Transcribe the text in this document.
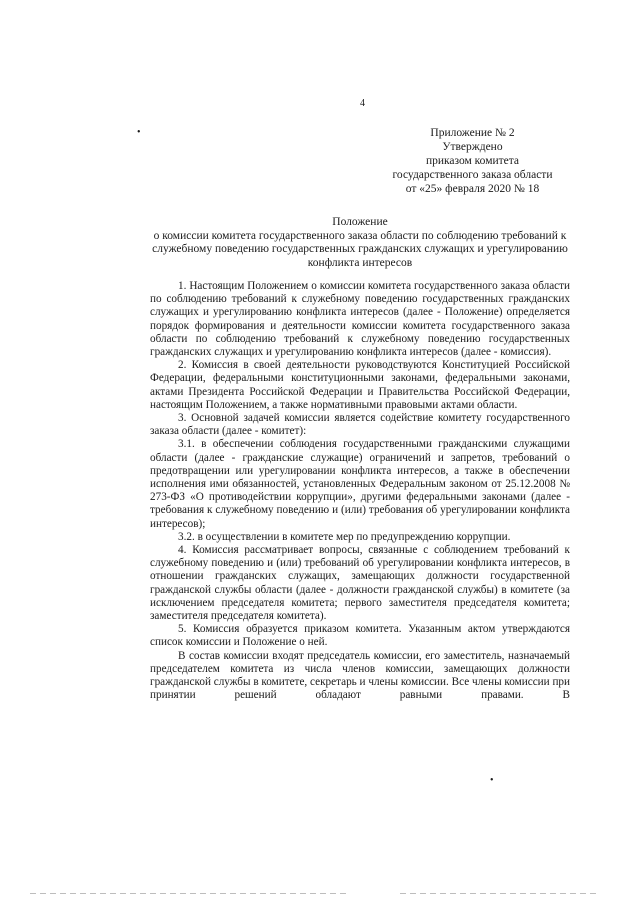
4
•
•
Приложение № 2
Утверждено
приказом комитета
государственного заказа области
от «25» февраля 2020 № 18
Положение
о комиссии комитета государственного заказа области по соблюдению требований к служебному поведению государственных гражданских служащих и урегулированию конфликта интересов

1. Настоящим Положением о комиссии комитета государственного заказа области по соблюдению требований к служебному поведению государственных гражданских служащих и урегулированию конфликта интересов (далее - Положение) определяется порядок формирования и деятельности комиссии комитета государственного заказа области по соблюдению требований к служебному поведению государственных гражданских служащих и урегулированию конфликта интересов (далее - комиссия).

2. Комиссия в своей деятельности руководствуются Конституцией Российской Федерации, федеральными конституционными законами, федеральными законами, актами Президента Российской Федерации и Правительства Российской Федерации, настоящим Положением, а также нормативными правовыми актами области.

3. Основной задачей комиссии является содействие комитету государственного заказа области (далее - комитет):

3.1. в обеспечении соблюдения государственными гражданскими служащими области (далее - гражданские служащие) ограничений и запретов, требований о предотвращении или урегулировании конфликта интересов, а также в обеспечении исполнения ими обязанностей, установленных Федеральным законом от 25.12.2008 № 273-ФЗ «О противодействии коррупции», другими федеральными законами (далее - требования к служебному поведению и (или) требования об урегулировании конфликта интересов);

3.2. в осуществлении в комитете мер по предупреждению коррупции.

4. Комиссия рассматривает вопросы, связанные с соблюдением требований к служебному поведению и (или) требований об урегулировании конфликта интересов, в отношении гражданских служащих, замещающих должности государственной гражданской службы области (далее - должности гражданской службы) в комитете (за исключением председателя комитета; первого заместителя председателя комитета; заместителя председателя комитета).

5. Комиссия образуется приказом комитета. Указанным актом утверждаются список комиссии и Положение о ней.

В состав комиссии входят председатель комиссии, его заместитель, назначаемый председателем комитета из числа членов комиссии, замещающих должности гражданской службы в комитете, секретарь и члены комиссии. Все члены комиссии при принятии решений обладают равными правами. В
